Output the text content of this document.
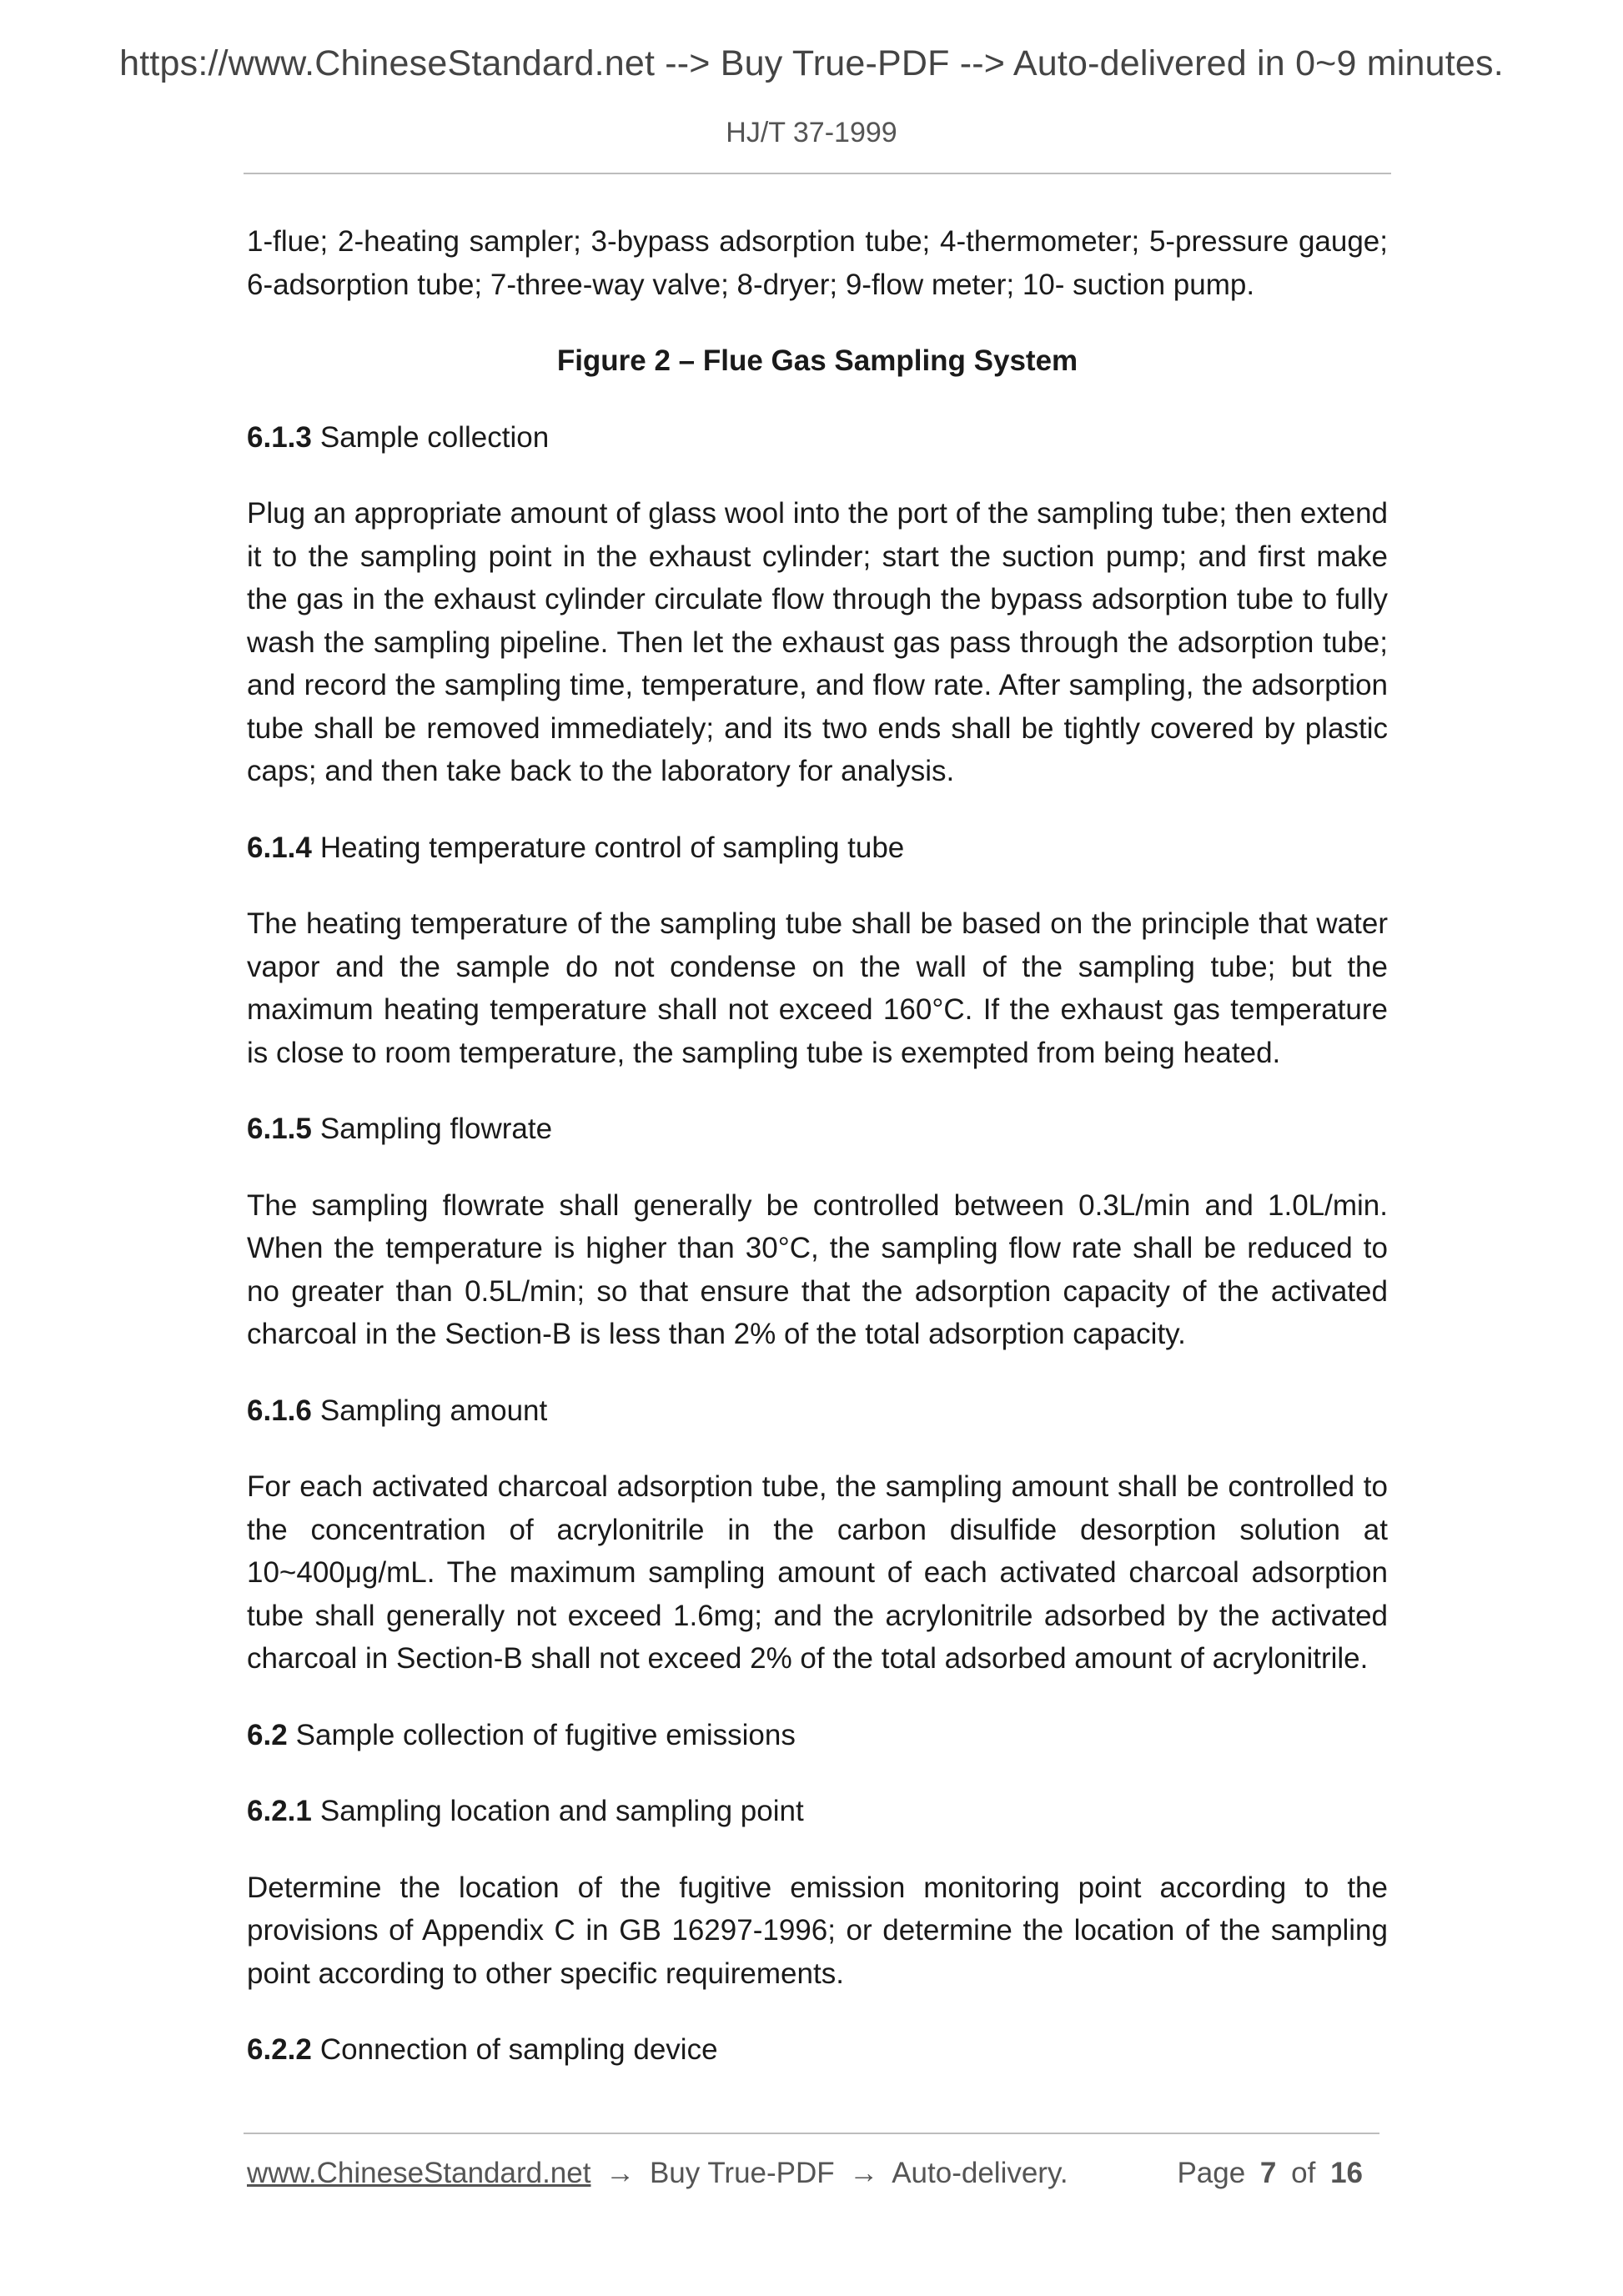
https://www.ChineseStandard.net --> Buy True-PDF --> Auto-delivered in 0~9 minutes.
HJ/T 37-1999

1-flue; 2-heating sampler; 3-bypass adsorption tube; 4-thermometer; 5-pressure gauge; 6-adsorption tube; 7-three-way valve; 8-dryer; 9-flow meter; 10- suction pump.

Figure 2 – Flue Gas Sampling System

6.1.3 Sample collection

Plug an appropriate amount of glass wool into the port of the sampling tube; then extend it to the sampling point in the exhaust cylinder; start the suction pump; and first make the gas in the exhaust cylinder circulate flow through the bypass adsorption tube to fully wash the sampling pipeline. Then let the exhaust gas pass through the adsorption tube; and record the sampling time, temperature, and flow rate. After sampling, the adsorption tube shall be removed immediately; and its two ends shall be tightly covered by plastic caps; and then take back to the laboratory for analysis.

6.1.4 Heating temperature control of sampling tube

The heating temperature of the sampling tube shall be based on the principle that water vapor and the sample do not condense on the wall of the sampling tube; but the maximum heating temperature shall not exceed 160°C. If the exhaust gas temperature is close to room temperature, the sampling tube is exempted from being heated.

6.1.5 Sampling flowrate

The sampling flowrate shall generally be controlled between 0.3L/min and 1.0L/min. When the temperature is higher than 30°C, the sampling flow rate shall be reduced to no greater than 0.5L/min; so that ensure that the adsorption capacity of the activated charcoal in the Section-B is less than 2% of the total adsorption capacity.

6.1.6 Sampling amount

For each activated charcoal adsorption tube, the sampling amount shall be controlled to the concentration of acrylonitrile in the carbon disulfide desorption solution at 10~400μg/mL. The maximum sampling amount of each activated charcoal adsorption tube shall generally not exceed 1.6mg; and the acrylonitrile adsorbed by the activated charcoal in Section-B shall not exceed 2% of the total adsorbed amount of acrylonitrile.

6.2 Sample collection of fugitive emissions

6.2.1 Sampling location and sampling point

Determine the location of the fugitive emission monitoring point according to the provisions of Appendix C in GB 16297-1996; or determine the location of the sampling point according to other specific requirements.

6.2.2 Connection of sampling device

www.ChineseStandard.net → Buy True-PDF → Auto-delivery.	Page 7 of 16
